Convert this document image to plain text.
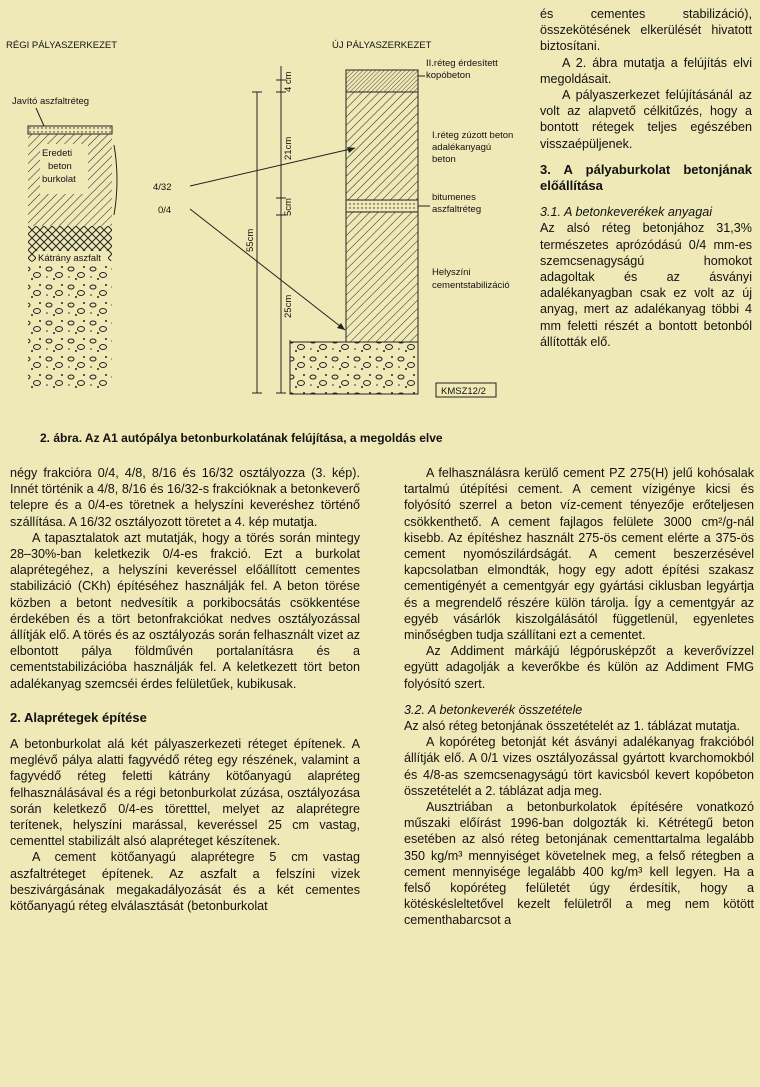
RÉGI PÁLYASZERKEZET	ÚJ PÁLYASZERKEZET
Javító aszfaltréteg
Eredeti
beton
burkolat
Kátrány aszfalt
4/32
0/4
4 cm
21cm
5cm
25cm
55cm
II.réteg érdesített
kopóbeton
I.réteg zúzott beton
adalékanyagú
beton
bitumenes
aszfaltréteg
Helyszíni
cementstabilizáció
KMSZ12/2
2. ábra. Az A1 autópálya betonburkolatának felújítása, a megoldás elve

és cementes stabilizáció), összekötésének elkerülését hivatott biztosítani.

A 2. ábra mutatja a felújítás elvi megoldásait.

A pályaszerkezet felújításánál az volt az alapvető célkitűzés, hogy a bontott rétegek teljes egészében visszaépüljenek.

3. A pályaburkolat betonjának előállítása

3.1. A betonkeverékek anyagai

Az alsó réteg betonjához 31,3% természetes aprózódású 0/4 mm-es szemcsenagyságú homokot adagoltak és az ásványi adalékanyagban csak ez volt az új anyag, mert az adalékanyag többi 4 mm feletti részét a bontott betonból állították elő.

négy frakcióra 0/4, 4/8, 8/16 és 16/32 osztályozza (3. kép). Innét történik a 4/8, 8/16 és 16/32-s frakcióknak a betonkeverő telepre és a 0/4-es töretnek a helyszíni keveréshez történő szállítása. A 16/32 osztályozott töretet a 4. kép mutatja.

A tapasztalatok azt mutatják, hogy a törés során mintegy 28–30%-ban keletkezik 0/4-es frakció. Ezt a burkolat alaprétegéhez, a helyszíni keveréssel előállított cementes stabilizáció (CKh) építéséhez használják fel. A beton törése közben a betont nedvesítik a porkibocsátás csökkentése érdekében és a tört betonfrakciókat nedves osztályozással állítják elő. A törés és az osztályozás során felhasznált vizet az elbontott pálya földművén portalanításra és a cementstabilizációba használják fel. A keletkezett tört beton adalékanyag szemcséi érdes felületűek, kubikusak.

2. Alaprétegek építése

A betonburkolat alá két pályaszerkezeti réteget építenek. A meglévő pálya alatti fagyvédő réteg egy részének, valamint a fagyvédő réteg feletti kátrány kötőanyagú alapréteg felhasználásával és a régi betonburkolat zúzása, osztályozása során keletkező 0/4-es töretttel, melyet az alaprétegre terítenek, helyszíni marással, keveréssel 25 cm vastag, cementtel stabilizált alsó alapréteget készítenek.

A cement kötőanyagú alaprétegre 5 cm vastag aszfaltréteget építenek. Az aszfalt a felszíni vizek beszivárgásának megakadályozását és a két cementes kötőanyagú réteg elválasztását (betonburkolat

A felhasználásra kerülő cement PZ 275(H) jelű kohósalak tartalmú útépítési cement. A cement vízigénye kicsi és folyósító szerrel a beton víz-cement tényezője erőteljesen csökkenthető. A cement fajlagos felülete 3000 cm²/g-nál kisebb. Az építéshez használt 275-ös cement elérte a 375-ös cement nyomószilárdságát. A cement beszerzésével kapcsolatban elmondták, hogy egy adott építési szakasz cementigényét a cementgyár egy gyártási ciklusban legyártja és a megrendelő részére külön tárolja. Így a cementgyár az egyéb vásárlók kiszolgálásától függetlenül, egyenletes minőségben tudja szállítani ezt a cementet.

Az Addiment márkájú légpórusképzőt a keverővízzel együtt adagolják a keverőkbe és külön az Addiment FMG folyósító szert.

3.2. A betonkeverék összetétele

Az alsó réteg betonjának összetételét az 1. táblázat mutatja.

A kopóréteg betonját két ásványi adalékanyag frakcióból állítják elő. A 0/1 vizes osztályozással gyártott kvarchomokból és 4/8-as szemcsenagyságú tört kavicsból kevert kopóbeton összetételét a 2. táblázat adja meg.

Ausztriában a betonburkolatok építésére vonatkozó műszaki előírást 1996-ban dolgozták ki. Kétrétegű beton esetében az alsó réteg betonjának cementtartalma legalább 350 kg/m³ mennyiséget követelnek meg, a felső rétegben a cement mennyisége legalább 400 kg/m³ kell legyen. Ha a felső kopóréteg felületét úgy érdesítik, hogy a kötéskésleltetővel kezelt felületről a meg nem kötött cementhabarcsot a
